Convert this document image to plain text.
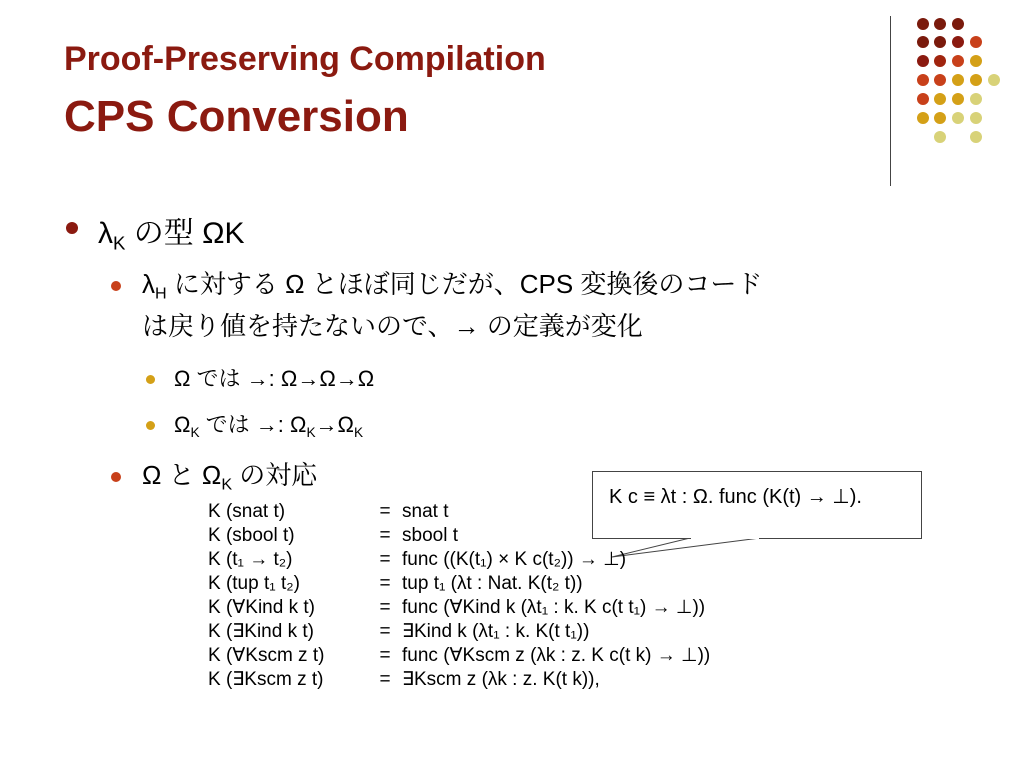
Proof-Preserving Compilation
CPS Conversion
$\lambda_K$ の型 ΩK
$\lambda_H$ に対する Ω とほぼ同じだが、CPS 変換後のコード
は戻り値を持たないので、→ の定義が変化
Ω では →: Ω→Ω→Ω
$\Omega_K$ では →: $\Omega_K\to\Omega_K$
Ω と $\Omega_K$ の対応
K c ≡ λt : Ω. func (K(t) → ⊥).
K (snat t)	=	snat t
K (sbool t)	=	sbool t
K (t₁ → t₂)	=	func ((K(t₁) × K c(t₂)) → ⊥)
K (tup t₁ t₂)	=	tup t₁ (λt : Nat. K(t₂ t))
K (∀Kind k t)	=	func (∀Kind k (λt₁ : k. K c(t t₁) → ⊥))
K (∃Kind k t)	=	∃Kind k (λt₁ : k. K(t t₁))
K (∀Kscm z t)	=	func (∀Kscm z (λk : z. K c(t k) → ⊥))
K (∃Kscm z t)	=	∃Kscm z (λk : z. K(t k)),
